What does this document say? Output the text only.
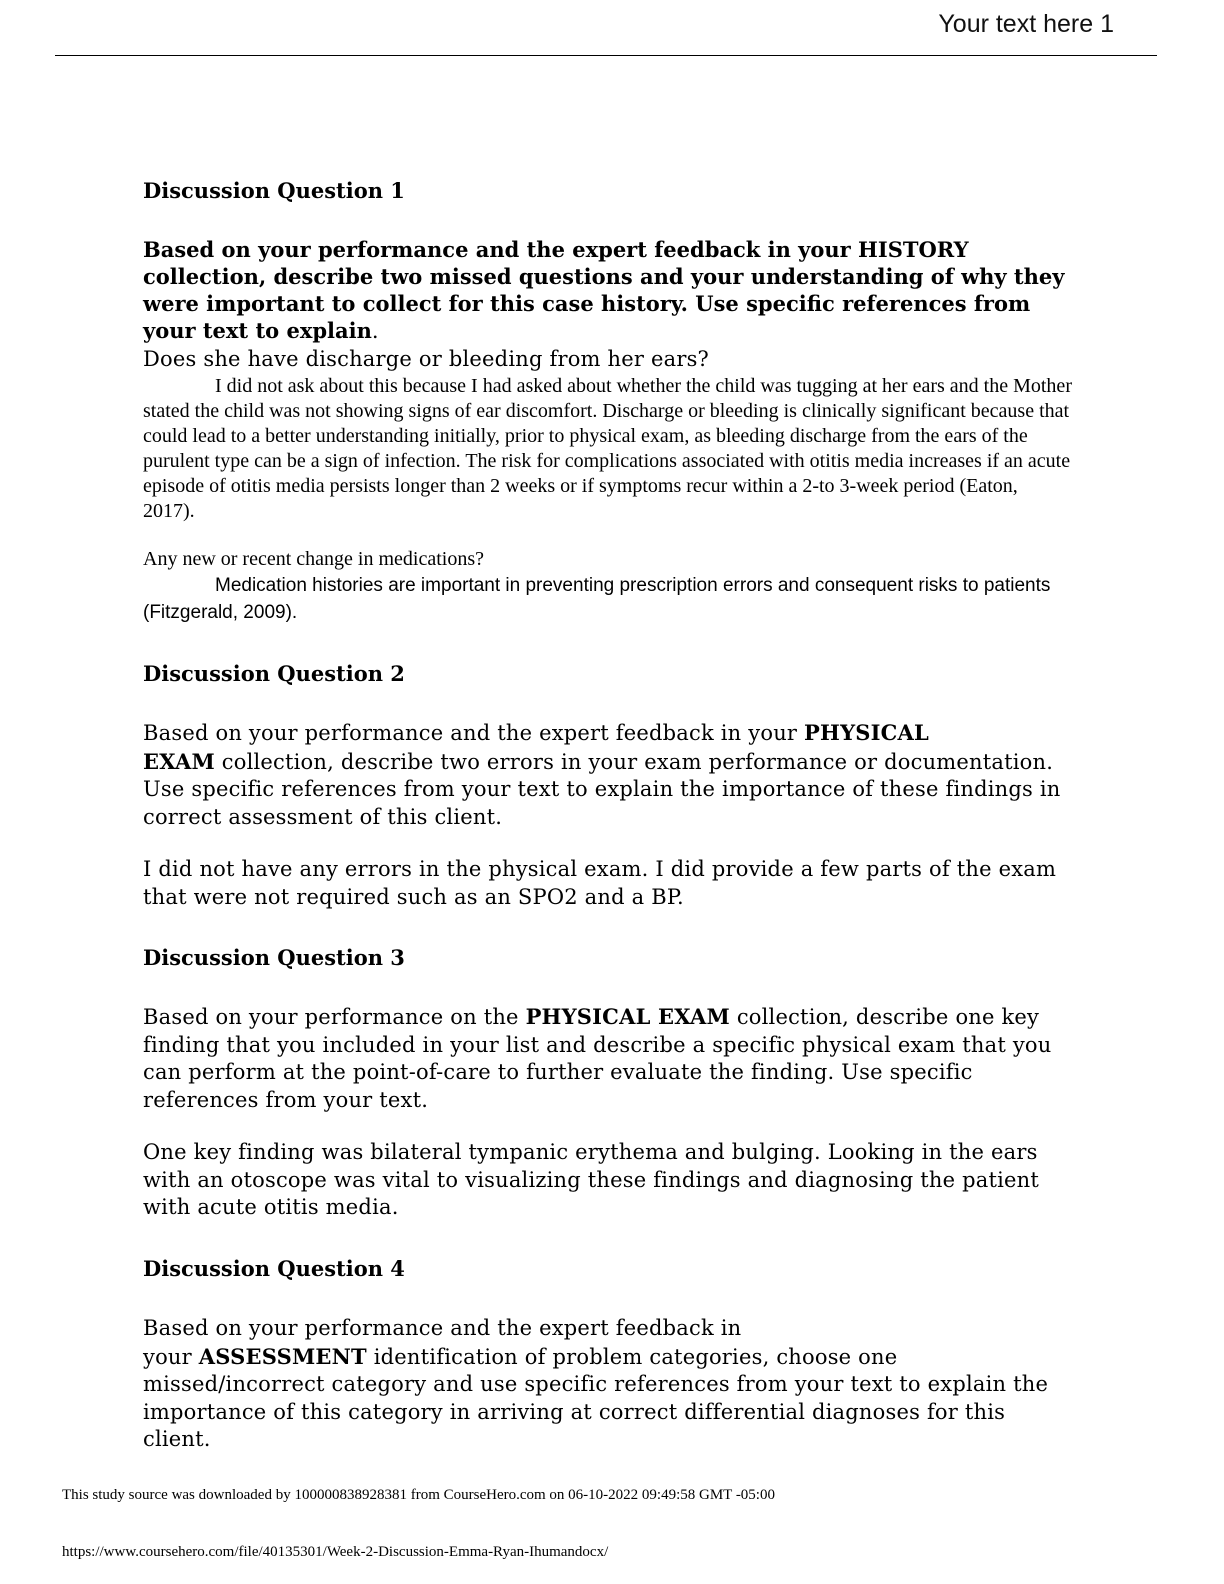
Your text here 1

Discussion Question 1

Based on your performance and the expert feedback in your HISTORY collection, describe two missed questions and your understanding of why they were important to collect for this case history. Use specific references from your text to explain.

Does she have discharge or bleeding from her ears?

I did not ask about this because I had asked about whether the child was tugging at her ears and the Mother stated the child was not showing signs of ear discomfort. Discharge or bleeding is clinically significant because that could lead to a better understanding initially, prior to physical exam, as bleeding discharge from the ears of the purulent type can be a sign of infection. The risk for complications associated with otitis media increases if an acute episode of otitis media persists longer than 2 weeks or if symptoms recur within a 2-to 3-week period (Eaton, 2017).

Any new or recent change in medications?

Medication histories are important in preventing prescription errors and consequent risks to patients (Fitzgerald, 2009).

Discussion Question 2

Based on your performance and the expert feedback in your PHYSICAL
EXAM collection, describe two errors in your exam performance or documentation. Use specific references from your text to explain the importance of these findings in correct assessment of this client.

I did not have any errors in the physical exam. I did provide a few parts of the exam that were not required such as an SPO2 and a BP.

Discussion Question 3

Based on your performance on the PHYSICAL EXAM collection, describe one key finding that you included in your list and describe a specific physical exam that you can perform at the point-of-care to further evaluate the finding. Use specific references from your text.

One key finding was bilateral tympanic erythema and bulging. Looking in the ears with an otoscope was vital to visualizing these findings and diagnosing the patient with acute otitis media.

Discussion Question 4

Based on your performance and the expert feedback in
your ASSESSMENT identification of problem categories, choose one missed/incorrect category and use specific references from your text to explain the importance of this category in arriving at correct differential diagnoses for this client.

This study source was downloaded by 100000838928381 from CourseHero.com on 06-10-2022 09:49:58 GMT -05:00
https://www.coursehero.com/file/40135301/Week-2-Discussion-Emma-Ryan-Ihumandocx/
